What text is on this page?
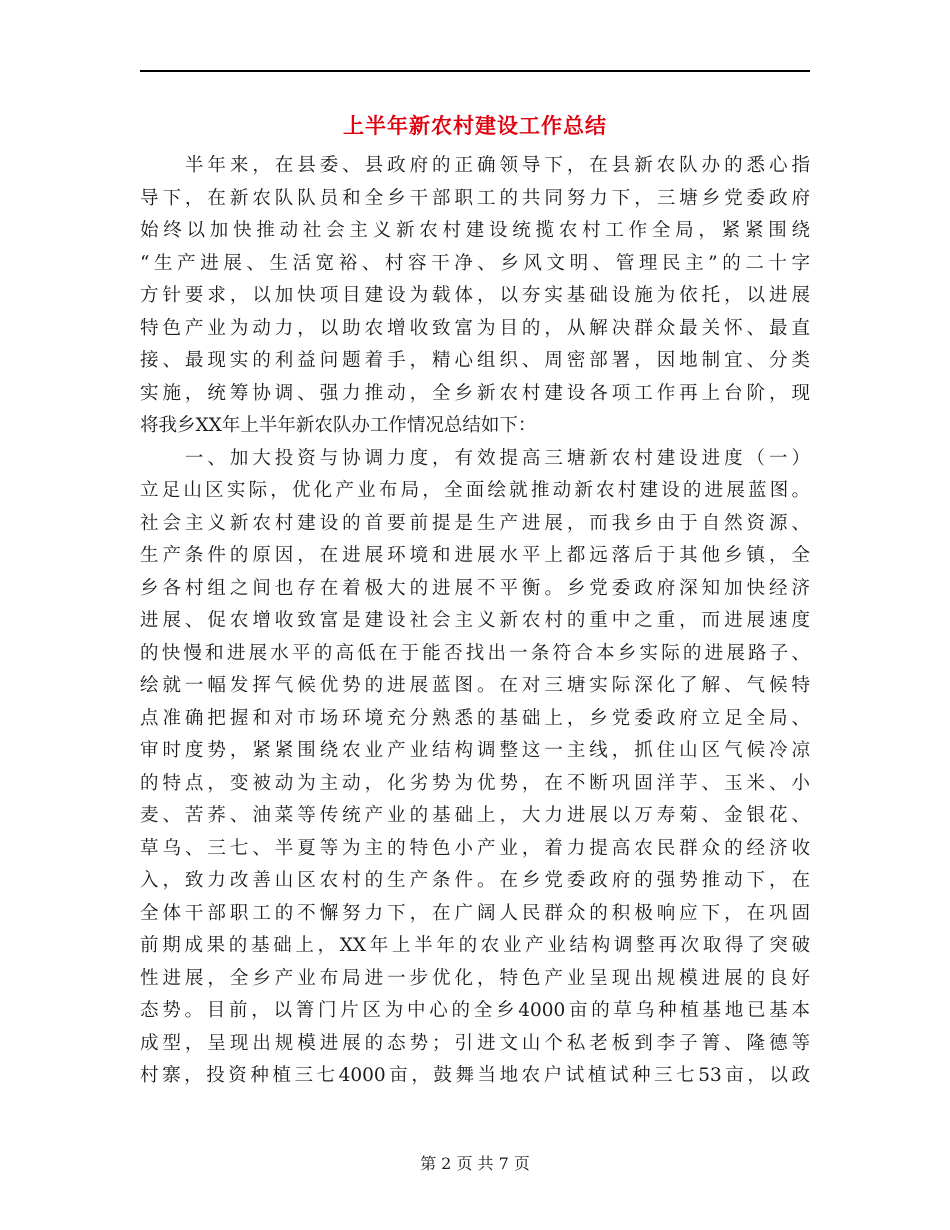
上半年新农村建设工作总结
　　半年来，在县委、县政府的正确领导下，在县新农队办的悉心指
导下，在新农队队员和全乡干部职工的共同努力下，三塘乡党委政府
始终以加快推动社会主义新农村建设统揽农村工作全局，紧紧围绕
“生产进展、生活宽裕、村容干净、乡风文明、管理民主”的二十字
方针要求，以加快项目建设为载体，以夯实基础设施为依托，以进展
特色产业为动力，以助农增收致富为目的，从解决群众最关怀、最直
接、最现实的利益问题着手，精心组织、周密部署，因地制宜、分类
实施，统筹协调、强力推动，全乡新农村建设各项工作再上台阶，现
将我乡XX年上半年新农队办工作情况总结如下：
　　一、加大投资与协调力度，有效提高三塘新农村建设进度（一）
立足山区实际，优化产业布局，全面绘就推动新农村建设的进展蓝图。
社会主义新农村建设的首要前提是生产进展，而我乡由于自然资源、
生产条件的原因，在进展环境和进展水平上都远落后于其他乡镇，全
乡各村组之间也存在着极大的进展不平衡。乡党委政府深知加快经济
进展、促农增收致富是建设社会主义新农村的重中之重，而进展速度
的快慢和进展水平的高低在于能否找出一条符合本乡实际的进展路子、
绘就一幅发挥气候优势的进展蓝图。在对三塘实际深化了解、气候特
点准确把握和对市场环境充分熟悉的基础上，乡党委政府立足全局、
审时度势，紧紧围绕农业产业结构调整这一主线，抓住山区气候冷凉
的特点，变被动为主动，化劣势为优势，在不断巩固洋芋、玉米、小
麦、苦荞、油菜等传统产业的基础上，大力进展以万寿菊、金银花、
草乌、三七、半夏等为主的特色小产业，着力提高农民群众的经济收
入，致力改善山区农村的生产条件。在乡党委政府的强势推动下，在
全体干部职工的不懈努力下，在广阔人民群众的积极响应下，在巩固
前期成果的基础上，XX年上半年的农业产业结构调整再次取得了突破
性进展，全乡产业布局进一步优化，特色产业呈现出规模进展的良好
态势。目前，以箐门片区为中心的全乡4000亩的草乌种植基地已基本
成型，呈现出规模进展的态势；引进文山个私老板到李子箐、隆德等
村寨，投资种植三七4000亩，鼓舞当地农户试植试种三七53亩，以政
第 2 页 共 7 页
